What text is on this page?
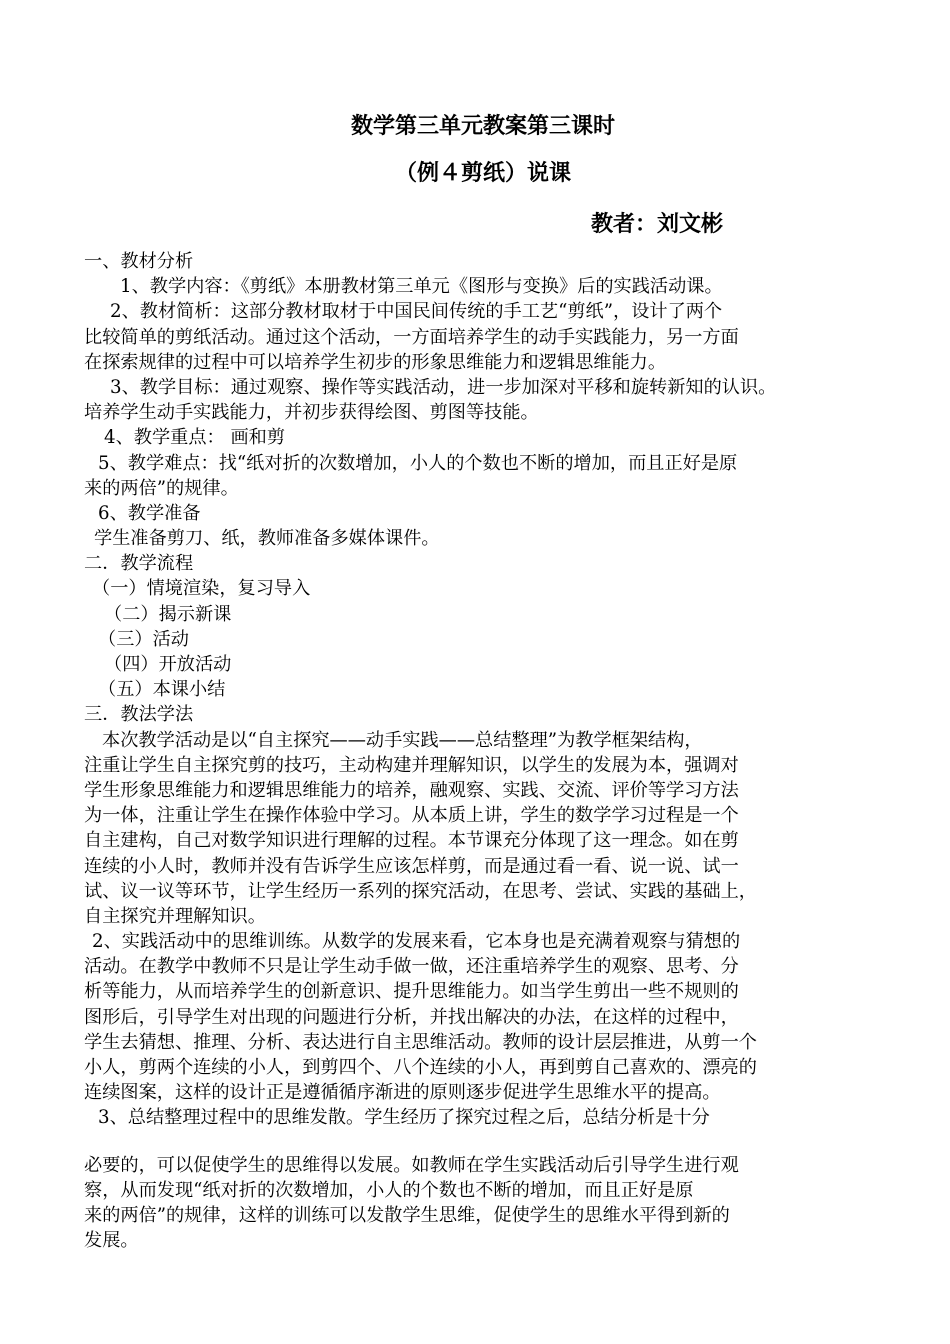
数学第三单元教案第三课时
（例４剪纸）说课
教者：刘文彬
一、教材分析
1、教学内容：《剪纸》本册教材第三单元《图形与变换》后的实践活动课。
2、教材简析：这部分教材取材于中国民间传统的手工艺“剪纸”，设计了两个
比较简单的剪纸活动。通过这个活动，一方面培养学生的动手实践能力，另一方面
在探索规律的过程中可以培养学生初步的形象思维能力和逻辑思维能力。
3、教学目标：通过观察、操作等实践活动，进一步加深对平移和旋转新知的认识。
培养学生动手实践能力，并初步获得绘图、剪图等技能。
4、教学重点： 画和剪
5、教学难点：找“纸对折的次数增加，小人的个数也不断的增加，而且正好是原
来的两倍”的规律。
6、教学准备
学生准备剪刀、纸，教师准备多媒体课件。
二．教学流程
（一）情境渲染，复习导入
（二）揭示新课
（三）活动
（四）开放活动
（五）本课小结
三．教法学法
本次教学活动是以“自主探究——动手实践——总结整理”为教学框架结构，
注重让学生自主探究剪的技巧，主动构建并理解知识，以学生的发展为本，强调对
学生形象思维能力和逻辑思维能力的培养，融观察、实践、交流、评价等学习方法
为一体，注重让学生在操作体验中学习。从本质上讲，学生的数学学习过程是一个
自主建构，自己对数学知识进行理解的过程。本节课充分体现了这一理念。如在剪
连续的小人时，教师并没有告诉学生应该怎样剪，而是通过看一看、说一说、试一
试、议一议等环节，让学生经历一系列的探究活动，在思考、尝试、实践的基础上，
自主探究并理解知识。
2、实践活动中的思维训练。从数学的发展来看，它本身也是充满着观察与猜想的
活动。在教学中教师不只是让学生动手做一做，还注重培养学生的观察、思考、分
析等能力，从而培养学生的创新意识、提升思维能力。如当学生剪出一些不规则的
图形后，引导学生对出现的问题进行分析，并找出解决的办法，在这样的过程中，
学生去猜想、推理、分析、表达进行自主思维活动。教师的设计层层推进，从剪一个
小人，剪两个连续的小人，到剪四个、八个连续的小人，再到剪自己喜欢的、漂亮的
连续图案，这样的设计正是遵循循序渐进的原则逐步促进学生思维水平的提高。
3、总结整理过程中的思维发散。学生经历了探究过程之后，总结分析是十分
必要的，可以促使学生的思维得以发展。如教师在学生实践活动后引导学生进行观
察，从而发现“纸对折的次数增加，小人的个数也不断的增加，而且正好是原
来的两倍”的规律，这样的训练可以发散学生思维，促使学生的思维水平得到新的
发展。
